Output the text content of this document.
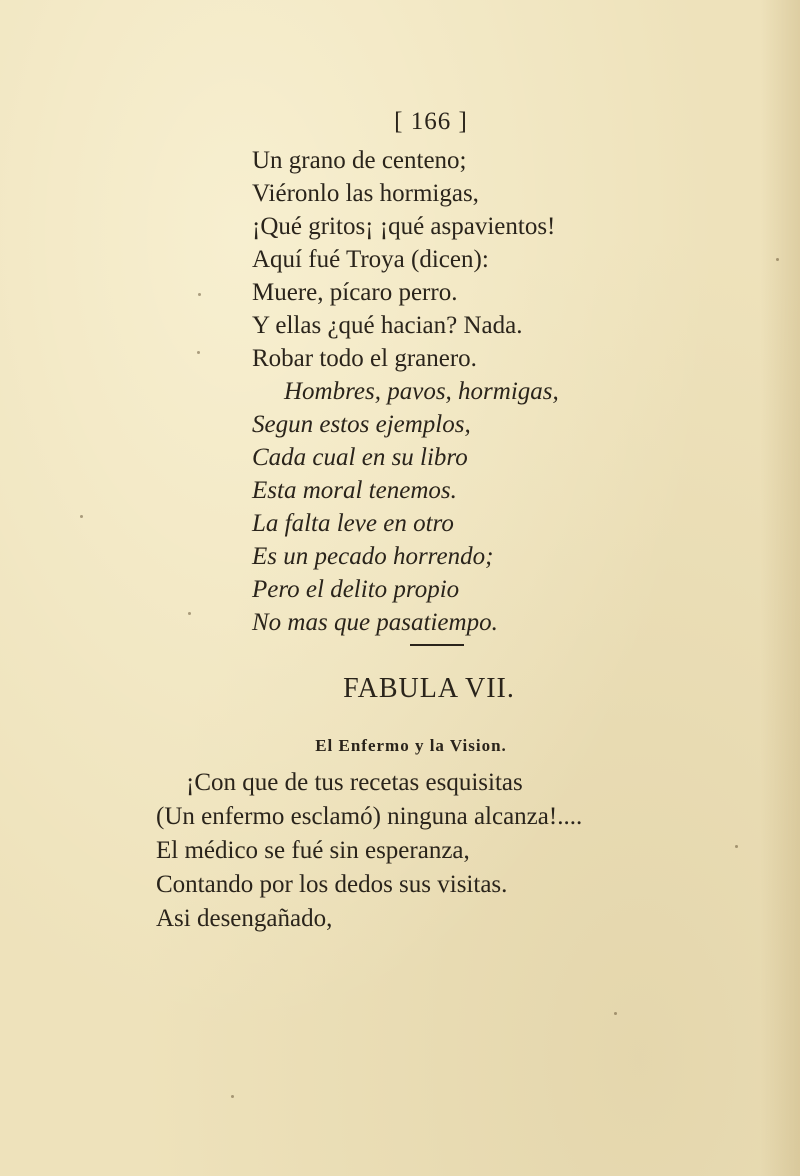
[ 166 ]
Un grano de centeno;
Viéronlo las hormigas,
¡Qué gritos¡ ¡qué aspavientos!
Aquí fué Troya (dicen):
Muere, pícaro perro.
Y ellas ¿qué hacian? Nada.
Robar todo el granero.
Hombres, pavos, hormigas,
Segun estos ejemplos,
Cada cual en su libro
Esta moral tenemos.
La falta leve en otro
Es un pecado horrendo;
Pero el delito propio
No mas que pasatiempo.
FABULA VII.
El Enfermo y la Vision.
¡Con que de tus recetas esquisitas
(Un enfermo esclamó) ninguna alcanza!....
El médico se fué sin esperanza,
Contando por los dedos sus visitas.
Asi desengañado,
